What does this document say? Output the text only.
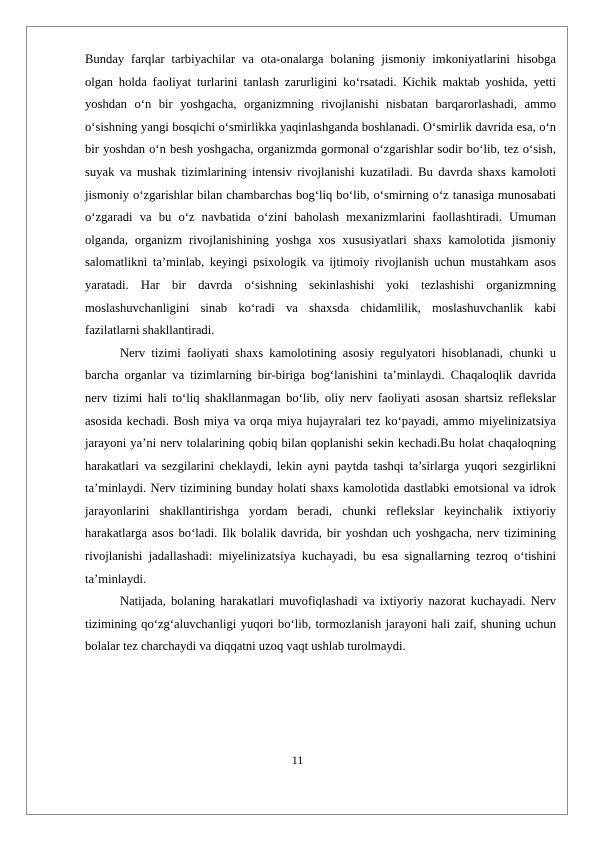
Bunday farqlar tarbiyachilar va ota-onalarga bolaning jismoniy imkoniyatlarini hisobga olgan holda faoliyat turlarini tanlash zarurligini ko‘rsatadi. Kichik maktab yoshida, yetti yoshdan o‘n bir yoshgacha, organizmning rivojlanishi nisbatan barqarorlashadi, ammo o‘sishning yangi bosqichi o‘smirlikka yaqinlashganda boshlanadi. O‘smirlik davrida esa, o‘n bir yoshdan o‘n besh yoshgacha, organizmda gormonal o‘zgarishlar sodir bo‘lib, tez o‘sish, suyak va mushak tizimlarining intensiv rivojlanishi kuzatiladi. Bu davrda shaxs kamoloti jismoniy o‘zgarishlar bilan chambarchas bog‘liq bo‘lib, o‘smirning o‘z tanasiga munosabati o‘zgaradi va bu o‘z navbatida o‘zini baholash mexanizmlarini faollashtiradi. Umuman olganda, organizm rivojlanishining yoshga xos xususiyatlari shaxs kamolotida jismoniy salomatlikni ta’minlab, keyingi psixologik va ijtimoiy rivojlanish uchun mustahkam asos yaratadi. Har bir davrda o‘sishning sekinlashishi yoki tezlashishi organizmning moslashuvchanligini sinab ko‘radi va shaxsda chidamlilik, moslashuvchanlik kabi fazilatlarni shakllantiradi.

Nerv tizimi faoliyati shaxs kamolotining asosiy regulyatori hisoblanadi, chunki u barcha organlar va tizimlarning bir-biriga bog‘lanishini ta’minlaydi. Chaqaloqlik davrida nerv tizimi hali to‘liq shakllanmagan bo‘lib, oliy nerv faoliyati asosan shartsiz reflekslar asosida kechadi. Bosh miya va orqa miya hujayralari tez ko‘payadi, ammo miyelinizatsiya jarayoni ya’ni nerv tolalarining qobiq bilan qoplanishi sekin kechadi.Bu holat chaqaloqning harakatlari va sezgilarini cheklaydi, lekin ayni paytda tashqi ta’sirlarga yuqori sezgirlikni ta’minlaydi. Nerv tizimining bunday holati shaxs kamolotida dastlabki emotsional va idrok jarayonlarini shakllantirishga yordam beradi, chunki reflekslar keyinchalik ixtiyoriy harakatlarga asos bo‘ladi. Ilk bolalik davrida, bir yoshdan uch yoshgacha, nerv tizimining rivojlanishi jadallashadi: miyelinizatsiya kuchayadi, bu esa signallarning tezroq o‘tishini ta’minlaydi.

Natijada, bolaning harakatlari muvofiqlashadi va ixtiyoriy nazorat kuchayadi. Nerv tizimining qo‘zg‘aluvchanligi yuqori bo‘lib, tormozlanish jarayoni hali zaif, shuning uchun bolalar tez charchaydi va diqqatni uzoq vaqt ushlab turolmaydi.

11
